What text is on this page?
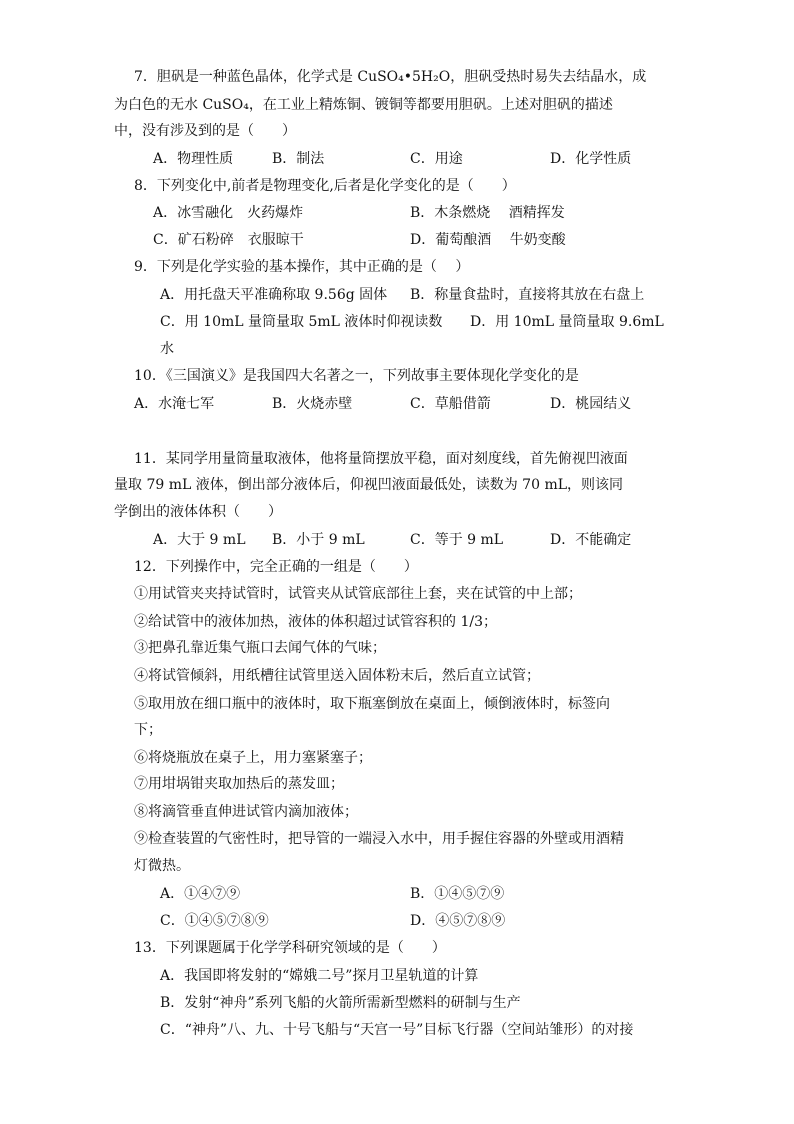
7．胆矾是一种蓝色晶体，化学式是 CuSO₄•5H₂O，胆矾受热时易失去结晶水，成
为白色的无水 CuSO₄，在工业上精炼铜、镀铜等都要用胆矾。上述对胆矾的描述
中，没有涉及到的是（　　）
A．物理性质	B．制法	C．用途	D．化学性质
8．下列变化中,前者是物理变化,后者是化学变化的是（　　）
A．冰雪融化　火药爆炸	B．木条燃烧　 酒精挥发
C．矿石粉碎　衣服晾干	D．葡萄酿酒　 牛奶变酸
9．下列是化学实验的基本操作，其中正确的是（　 ）
A．用托盘天平准确称取 9.56g 固体 B．称量食盐时，直接将其放在右盘上
C．用 10mL 量筒量取 5mL 液体时仰视读数 D．用 10mL 量筒量取 9.6mL
水
10．《三国演义》是我国四大名著之一，下列故事主要体现化学变化的是
A．水淹七军	B．火烧赤壁	C．草船借箭	D．桃园结义
11．某同学用量筒量取液体，他将量筒摆放平稳，面对刻度线，首先俯视凹液面
量取 79 mL 液体，倒出部分液体后，仰视凹液面最低处，读数为 70 mL，则该同
学倒出的液体体积（　　）
A．大于 9 mL B．小于 9 mL	C．等于 9 mL	D．不能确定
12．下列操作中，完全正确的一组是（　　）
①用试管夹夹持试管时，试管夹从试管底部往上套，夹在试管的中上部；
②给试管中的液体加热，液体的体积超过试管容积的 1/3；
③把鼻孔靠近集气瓶口去闻气体的气味；
④将试管倾斜，用纸槽往试管里送入固体粉末后，然后直立试管；
⑤取用放在细口瓶中的液体时，取下瓶塞倒放在桌面上，倾倒液体时，标签向
下；
⑥将烧瓶放在桌子上，用力塞紧塞子；
⑦用坩埚钳夹取加热后的蒸发皿；
⑧将滴管垂直伸进试管内滴加液体；
⑨检查装置的气密性时，把导管的一端浸入水中，用手握住容器的外壁或用酒精
灯微热。
A．①④⑦⑨	B．①④⑤⑦⑨
C．①④⑤⑦⑧⑨	D．④⑤⑦⑧⑨
13．下列课题属于化学学科研究领域的是（　　）
A．我国即将发射的“嫦娥二号”探月卫星轨道的计算
B．发射“神舟”系列飞船的火箭所需新型燃料的研制与生产
C．“神舟”八、九、十号飞船与“天宫一号”目标飞行器（空间站雏形）的对接
